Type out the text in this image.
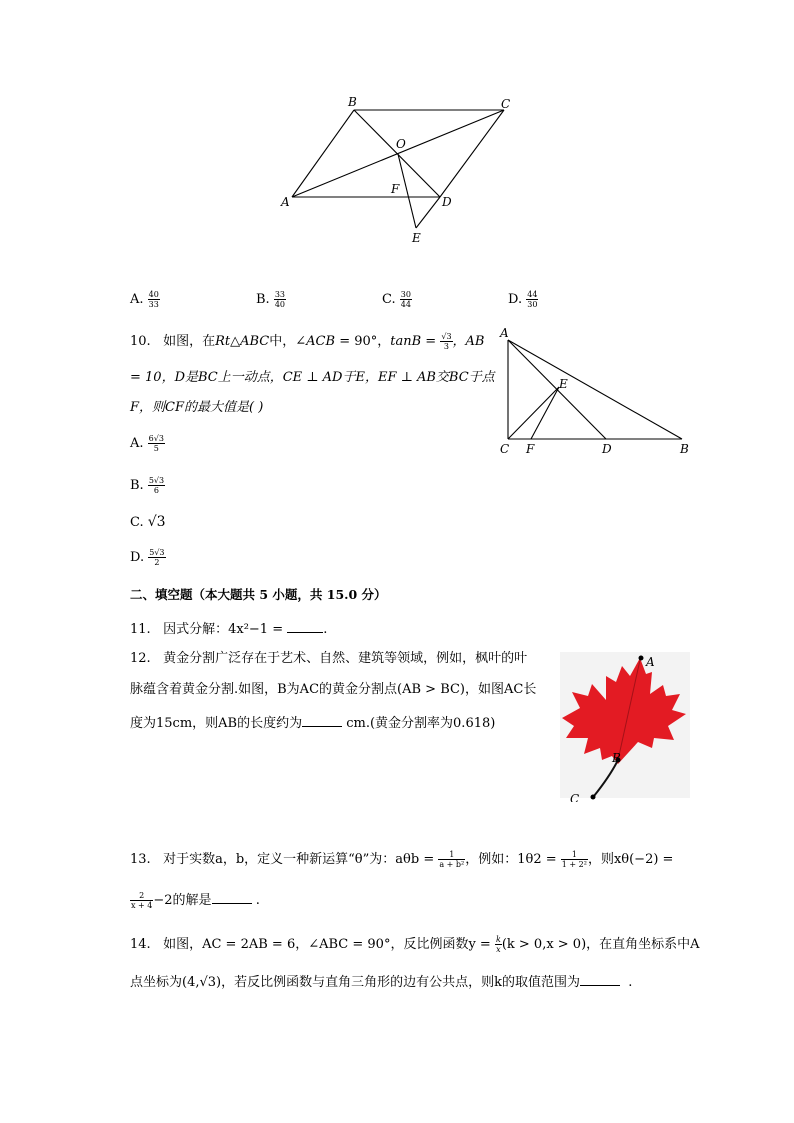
B	C
O
F
A	D
E
A. $\frac{40}{33}$	B. $\frac{33}{40}$	C. $\frac{30}{44}$	D. $\frac{44}{30}$
10. 如图，在Rt△ABC中，∠ACB = 90°，$\tan B = \frac{√3}{3}$ ，AB
= 10，D是BC上一动点，CE ⊥ AD于E，EF ⊥ AB交BC于点
F，则CF的最大值是( )
A. $\frac{6√3}{5}$
B. $\frac{5√3}{6}$
C. √3
D. $\frac{5√3}{2}$
A
E
C F	D	B
二、填空题（本大题共 5 小题，共 15.0 分）
11. 因式分解：4x²−1 =	.
12. 黄金分割广泛存在于艺术、自然、建筑等领域，例如，枫叶的叶
脉蕴含着黄金分割.如图，B为AC的黄金分割点(AB > BC)，如图AC长
度为15cm，则AB的长度约为	cm.(黄金分割率为0.618)
A
B
C
13. 对于实数a，b，定义一种新运算“θ”为：$a\theta b = \frac{1}{\text{a + b²}}$ ，例如：$1\theta 2 = \frac{1}{\text{1 + 2²}}$ ，则xθ(−2) =
$\frac{2}{x + 4} -2$的解是	.
14. 如图，AC = 2AB = 6，∠ABC = 90°，反比例函数$y = \frac{k}{x} (k > 0,x > 0)$，在直角坐标系中A
点坐标为(4,√3)，若反比例函数与直角三角形的边有公共点，则k的取值范围为	.
